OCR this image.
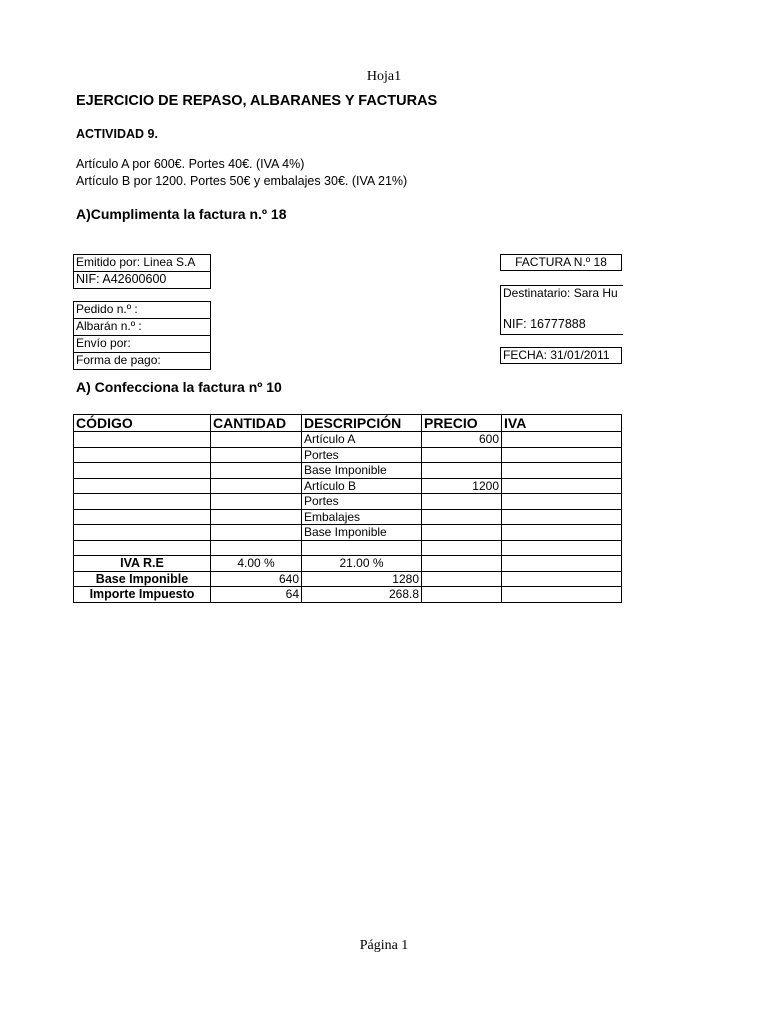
Hoja1
EJERCICIO DE REPASO, ALBARANES Y FACTURAS
ACTIVIDAD 9.
Artículo A por 600€. Portes 40€. (IVA 4%)
Artículo B por 1200. Portes 50€ y embalajes 30€. (IVA 21%)
A)Cumplimenta la factura n.º 18
Emitido por: Linea S.A
NIF: A42600600
Pedido n.º :
Albarán n.º :
Envío por:
Forma de pago:
FACTURA N.º 18
Destinatario: Sara Hu
NIF: 16777888
FECHA: 31/01/2011
A) Confecciona la factura nº 10
CÓDIGO	CANTIDAD	DESCRIPCIÓN	PRECIO	IVA
		Artículo A	600	
		Portes		
		Base Imponible		
		Artículo B	1200	
		Portes		
		Embalajes		
		Base Imponible		

IVA R.E	4.00 %	21.00 %		
Base Imponible	640	1280		
Importe Impuesto	64	268.8		
Página 1
